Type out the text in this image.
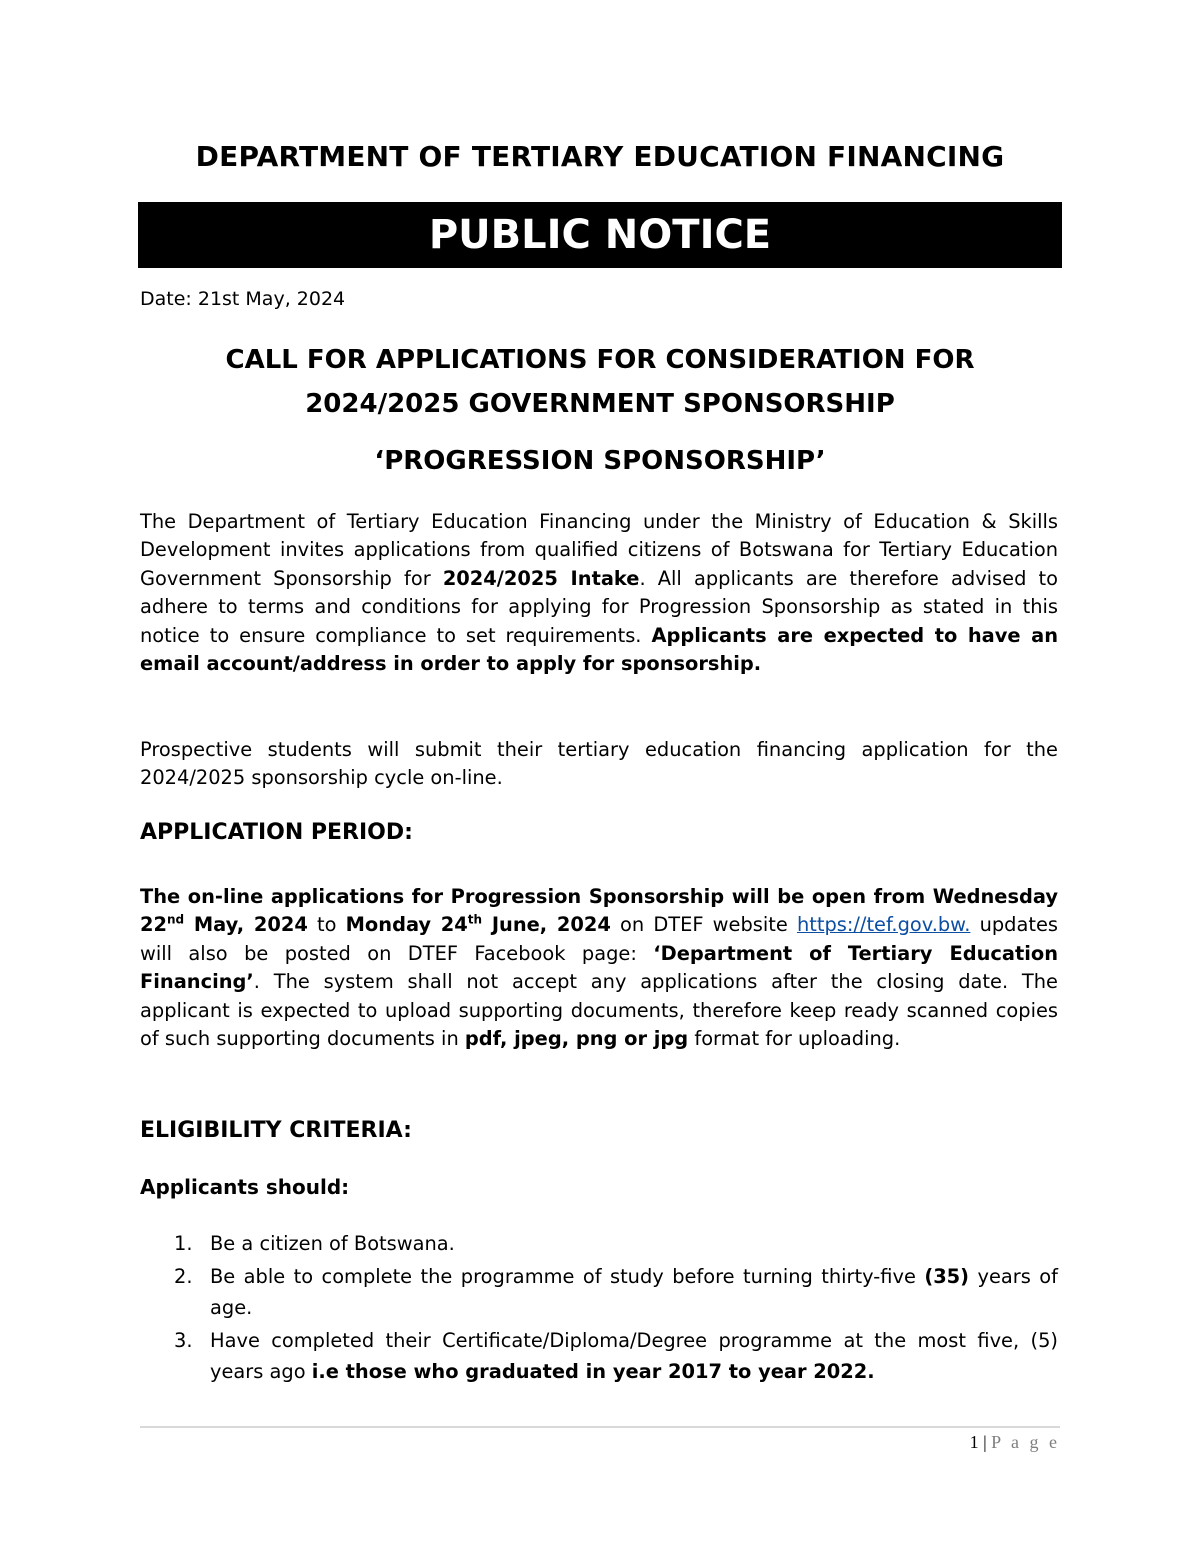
DEPARTMENT OF TERTIARY EDUCATION FINANCING
PUBLIC NOTICE
Date: 21st May, 2024
CALL FOR APPLICATIONS FOR CONSIDERATION FOR
2024/2025 GOVERNMENT SPONSORSHIP
‘PROGRESSION SPONSORSHIP’
The Department of Tertiary Education Financing under the Ministry of Education & Skills Development invites applications from qualified citizens of Botswana for Tertiary Education Government Sponsorship for 2024/2025 Intake. All applicants are therefore advised to adhere to terms and conditions for applying for Progression Sponsorship as stated in this notice to ensure compliance to set requirements. Applicants are expected to have an email account/address in order to apply for sponsorship.
Prospective students will submit their tertiary education financing application for the 2024/2025 sponsorship cycle on-line.
APPLICATION PERIOD:
The on-line applications for Progression Sponsorship will be open from Wednesday 22nd May, 2024 to Monday 24th June, 2024 on DTEF website https://tef.gov.bw. updates will also be posted on DTEF Facebook page: ‘Department of Tertiary Education Financing’. The system shall not accept any applications after the closing date. The applicant is expected to upload supporting documents, therefore keep ready scanned copies of such supporting documents in pdf, jpeg, png or jpg format for uploading.
ELIGIBILITY CRITERIA:
Applicants should:
1. Be a citizen of Botswana.
2. Be able to complete the programme of study before turning thirty-five (35) years of age.
3. Have completed their Certificate/Diploma/Degree programme at the most five, (5) years ago i.e those who graduated in year 2017 to year 2022.
1 | P a g e
